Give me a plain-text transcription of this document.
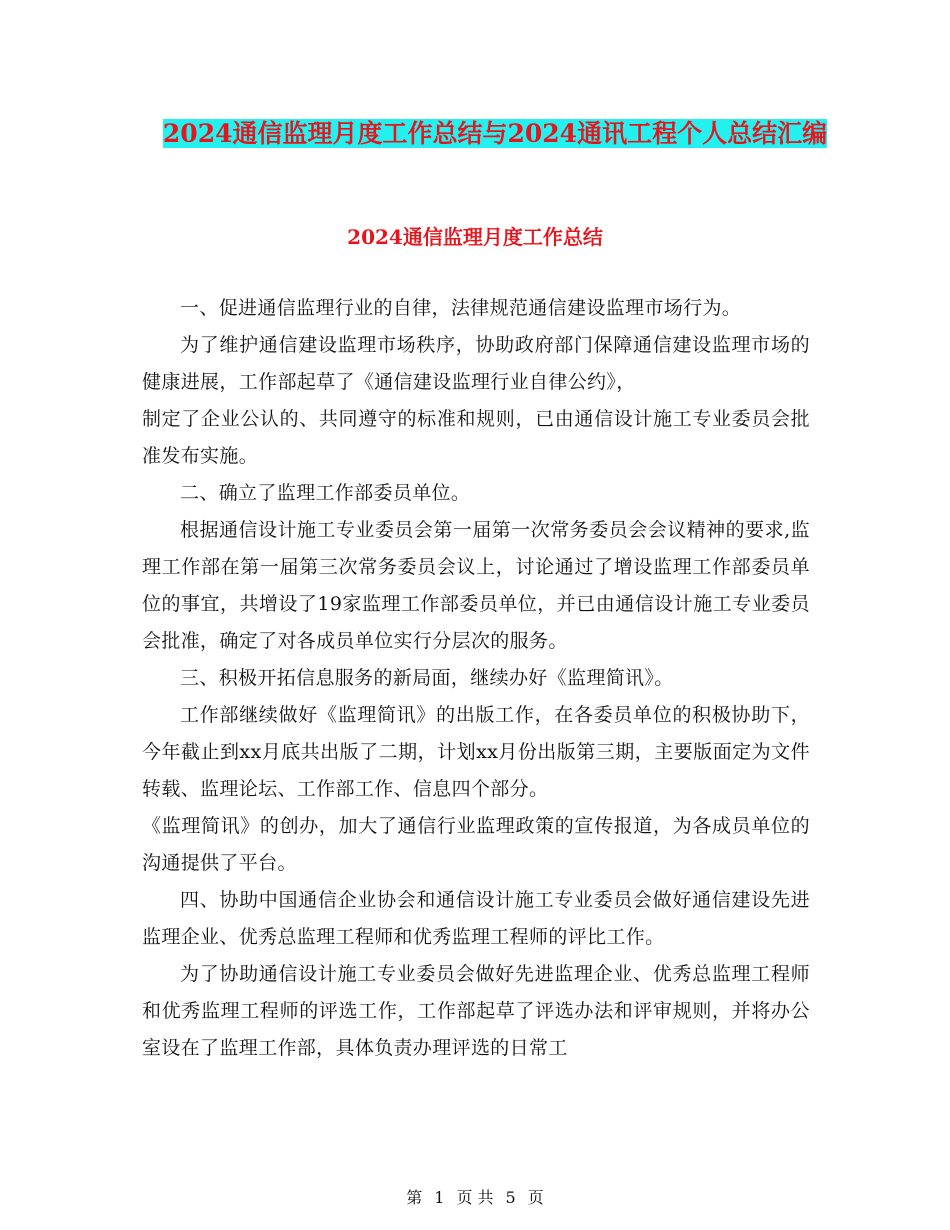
2024通信监理月度工作总结与2024通讯工程个人总结汇编
2024通信监理月度工作总结

一、促进通信监理行业的自律，法律规范通信建设监理市场行为。

为了维护通信建设监理市场秩序，协助政府部门保障通信建设监理市场的健康进展，工作部起草了《通信建设监理行业自律公约》，
制定了企业公认的、共同遵守的标准和规则，已由通信设计施工专业委员会批准发布实施。

二、确立了监理工作部委员单位。

根据通信设计施工专业委员会第一届第一次常务委员会会议精神的要求,监理工作部在第一届第三次常务委员会议上，讨论通过了增设监理工作部委员单位的事宜，共增设了19家监理工作部委员单位，并已由通信设计施工专业委员会批准，确定了对各成员单位实行分层次的服务。

三、积极开拓信息服务的新局面，继续办好《监理简讯》。

工作部继续做好《监理简讯》的出版工作，在各委员单位的积极协助下，今年截止到xx月底共出版了二期，计划xx月份出版第三期，主要版面定为文件转载、监理论坛、工作部工作、信息四个部分。
《监理简讯》的创办，加大了通信行业监理政策的宣传报道，为各成员单位的沟通提供了平台。

四、协助中国通信企业协会和通信设计施工专业委员会做好通信建设先进监理企业、优秀总监理工程师和优秀监理工程师的评比工作。

为了协助通信设计施工专业委员会做好先进监理企业、优秀总监理工程师和优秀监理工程师的评选工作，工作部起草了评选办法和评审规则，并将办公室设在了监理工作部，具体负责办理评选的日常工

第 1 页 共 5 页
